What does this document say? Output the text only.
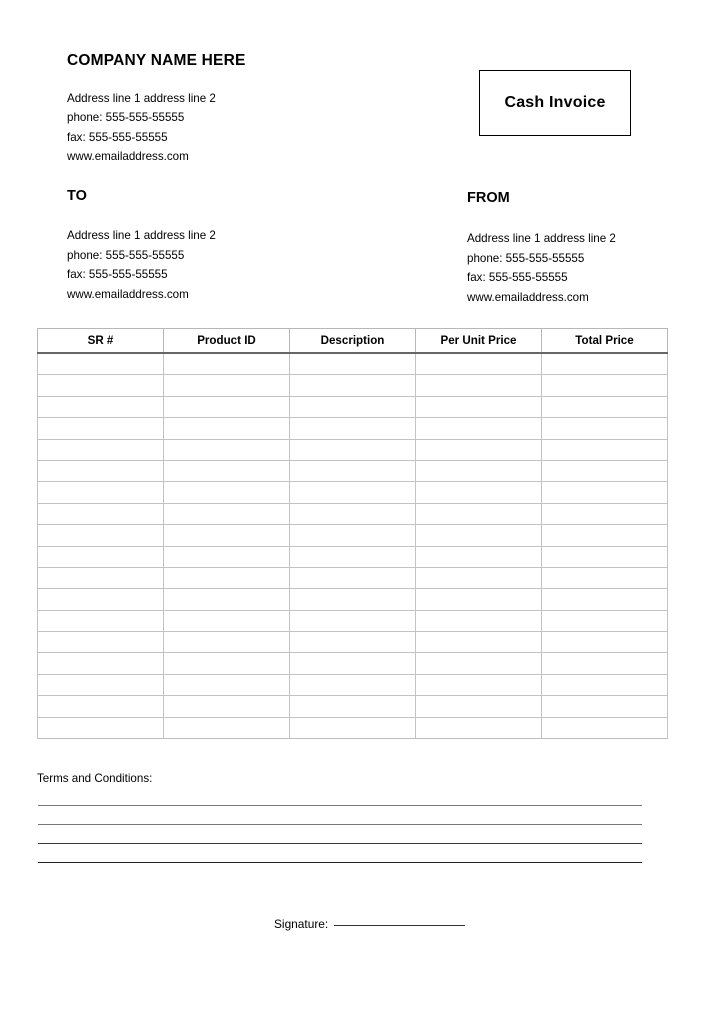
COMPANY NAME HERE

Address line 1 address line 2

phone: 555-555-55555

fax: 555-555-55555

www.emailaddress.com

Cash Invoice
TO

Address line 1 address line 2

phone: 555-555-55555

fax: 555-555-55555

www.emailaddress.com

FROM

Address line 1 address line 2

phone: 555-555-55555

fax: 555-555-55555

www.emailaddress.com

SR #	Product ID	Description	Per Unit Price	Total Price

Terms and Conditions:
Signature:
